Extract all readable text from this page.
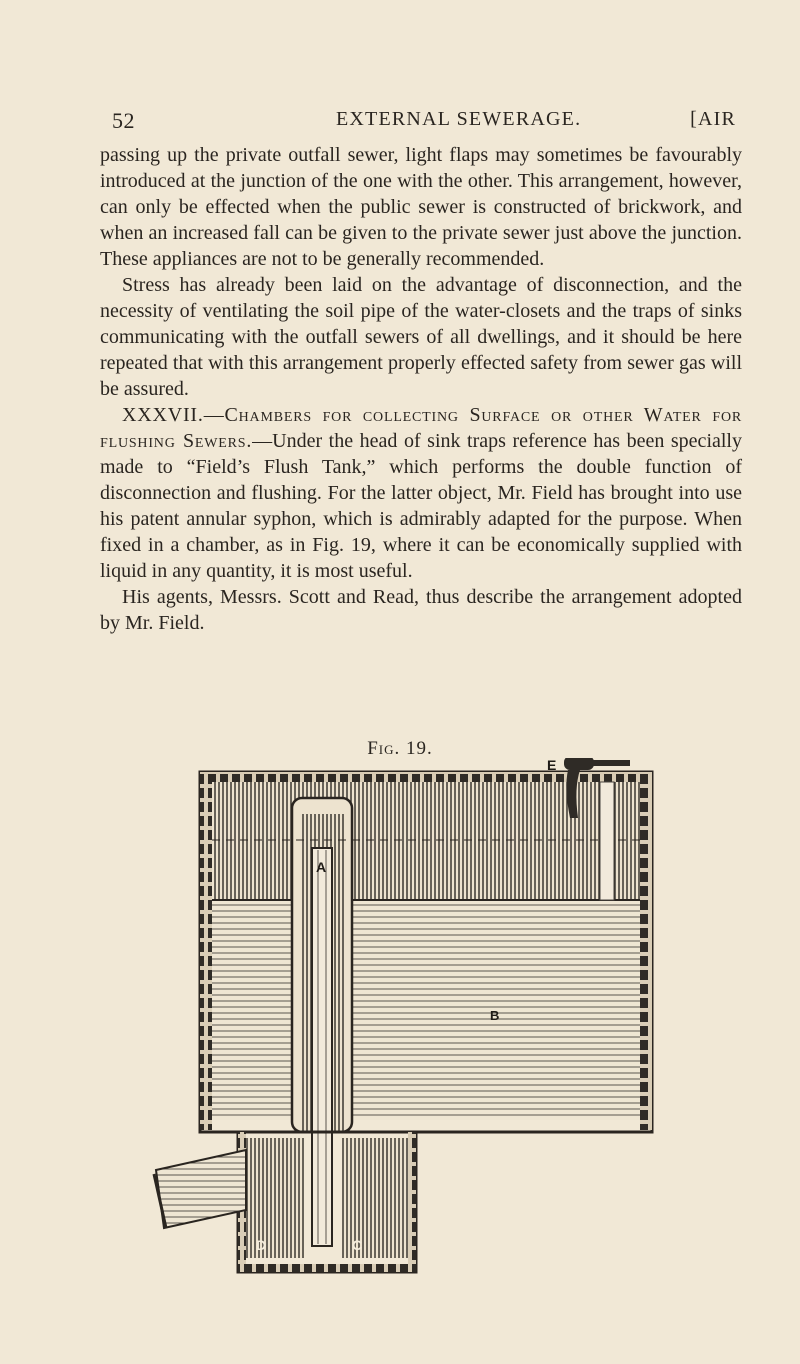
52	EXTERNAL SEWERAGE.	[AIR

passing up the private outfall sewer, light flaps may sometimes be favourably introduced at the junction of the one with the other. This arrangement, however, can only be effected when the public sewer is constructed of brickwork, and when an increased fall can be given to the private sewer just above the junction. These appliances are not to be generally recommended.

Stress has already been laid on the advantage of disconnection, and the necessity of ventilating the soil pipe of the water-closets and the traps of sinks communicating with the outfall sewers of all dwellings, and it should be here repeated that with this arrangement properly effected safety from sewer gas will be assured.

XXXVII.—Chambers for collecting Surface or other Water for flushing Sewers.—Under the head of sink traps reference has been specially made to “Field’s Flush Tank,” which performs the double function of disconnection and flushing. For the latter object, Mr. Field has brought into use his patent annular syphon, which is admirably adapted for the purpose. When fixed in a chamber, as in Fig. 19, where it can be economically supplied with liquid in any quantity, it is most useful.

His agents, Messrs. Scott and Read, thus describe the arrangement adopted by Mr. Field.

Fig. 19.
A
E
B
D	C
